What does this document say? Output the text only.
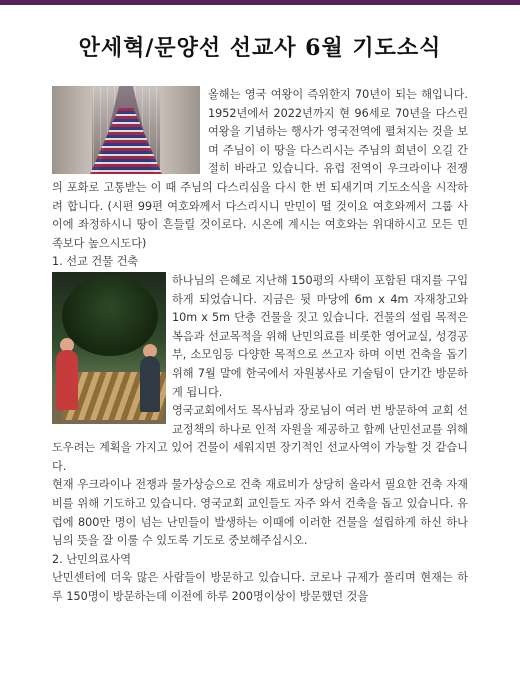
안세혁/문양선 선교사 6월 기도소식

올해는 영국 여왕이 즉위한지 70년이 되는 해입니다. 1952년에서 2022년까지 현 96세로 70년을 다스린 여왕을 기념하는 행사가 영국전역에 펼쳐지는 것을 보며 주님이 이 땅을 다스리시는 주님의 희년이 오길 간절히 바라고 있습니다. 유럽 전역이 우크라이나 전쟁의 포화로 고통받는 이 때 주님의 다스리심을 다시 한 번 되새기며 기도소식을 시작하려 합니다. (시편 99편 여호와께서 다스리시니 만민이 떨 것이요 여호와께서 그룹 사이에 좌정하시니 땅이 흔들릴 것이로다. 시온에 계시는 여호와는 위대하시고 모든 민족보다 높으시도다)

1. 선교 건물 건축

하나님의 은혜로 지난해 150평의 사택이 포함된 대지를 구입하게 되었습니다. 지금은 뒷 마당에 6m x 4m 자재창고와 10m x 5m 단층 건물을 짓고 있습니다. 건물의 설립 목적은 복음과 선교목적을 위해 난민의료를 비롯한 영어교실, 성경공부, 소모임등 다양한 목적으로 쓰고자 하며 이번 건축을 돕기 위해 7월 말에 한국에서 자원봉사로 기술팀이 단기간 방문하게 됩니다.

영국교회에서도 목사님과 장로님이 여러 번 방문하여 교회 선교정책의 하나로 인적 자원을 제공하고 함께 난민선교를 위해 도우려는 계획을 가지고 있어 건물이 세워지면 장기적인 선교사역이 가능할 것 같습니다.

현재 우크라이나 전쟁과 물가상승으로 건축 재료비가 상당히 올라서 필요한 건축 자재비를 위해 기도하고 있습니다. 영국교회 교인들도 자주 와서 건축을 돕고 있습니다. 유럽에 800만 명이 넘는 난민들이 발생하는 이때에 이러한 건물을 설립하게 하신 하나님의 뜻을 잘 이룰 수 있도록 기도로 중보해주십시오.

2. 난민의료사역

난민센터에 더욱 많은 사람들이 방문하고 있습니다. 코로나 규제가 풀리며 현재는 하루 150명이 방문하는데 이전에 하루 200명이상이 방문했던 것을
